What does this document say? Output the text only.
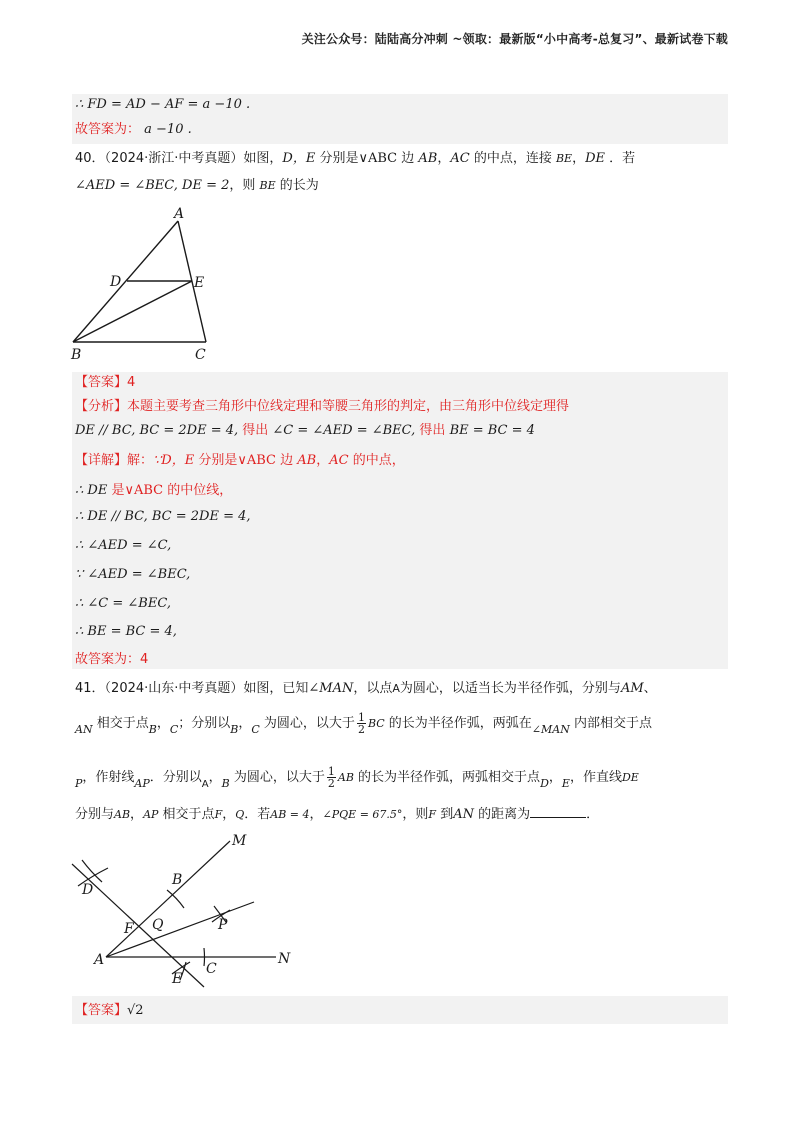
关注公众号：陆陆高分冲刺 ~领取：最新版“小中高考-总复习”、最新试卷下载
∴ FD = AD − AF = a −10 .
故答案为： a −10 .
40．（2024·浙江·中考真题）如图，D，E 分别是∨ABC 边 AB，AC 的中点，连接 BE，DE ．若
∠AED = ∠BEC, DE = 2，则 BE 的长为
A
D	E
B	C
【答案】4
【分析】本题主要考查三角形中位线定理和等腰三角形的判定，由三角形中位线定理得
DE // BC, BC = 2DE = 4, 得出 ∠C = ∠AED = ∠BEC, 得出 BE = BC = 4
【详解】解：∵D，E 分别是∨ABC 边 AB，AC 的中点，
∴ DE 是∨ABC 的中位线，
∴ DE // BC, BC = 2DE = 4,
∴ ∠AED = ∠C,
∵ ∠AED = ∠BEC,
∴ ∠C = ∠BEC,
∴ BE = BC = 4,
故答案为：4
41．（2024·山东·中考真题）如图，已知∠MAN，以点A为圆心，以适当长为半径作弧，分别与AM、
$_{AN}$ 相交于点$_B$，$_C$；分别以$_B$，$_C$ 为圆心，以大于 $\frac{1}{2}$ BC 的长为半径作弧，两弧在$_{\angle MAN}$ 内部相交于点
$_P$，作射线$_{AP}$．分别以$_A$，$_B$ 为圆心，以大于 $\frac{1}{2}$ AB 的长为半径作弧，两弧相交于点$_D$，$_E$，作直线DE
分别与AB，AP 相交于点F，Q．若AB = 4，∠PQE = 67.5°，则F 到AN 的距离为	．
M
B
D
P
F Q
A	N
E
C
【答案】√2
